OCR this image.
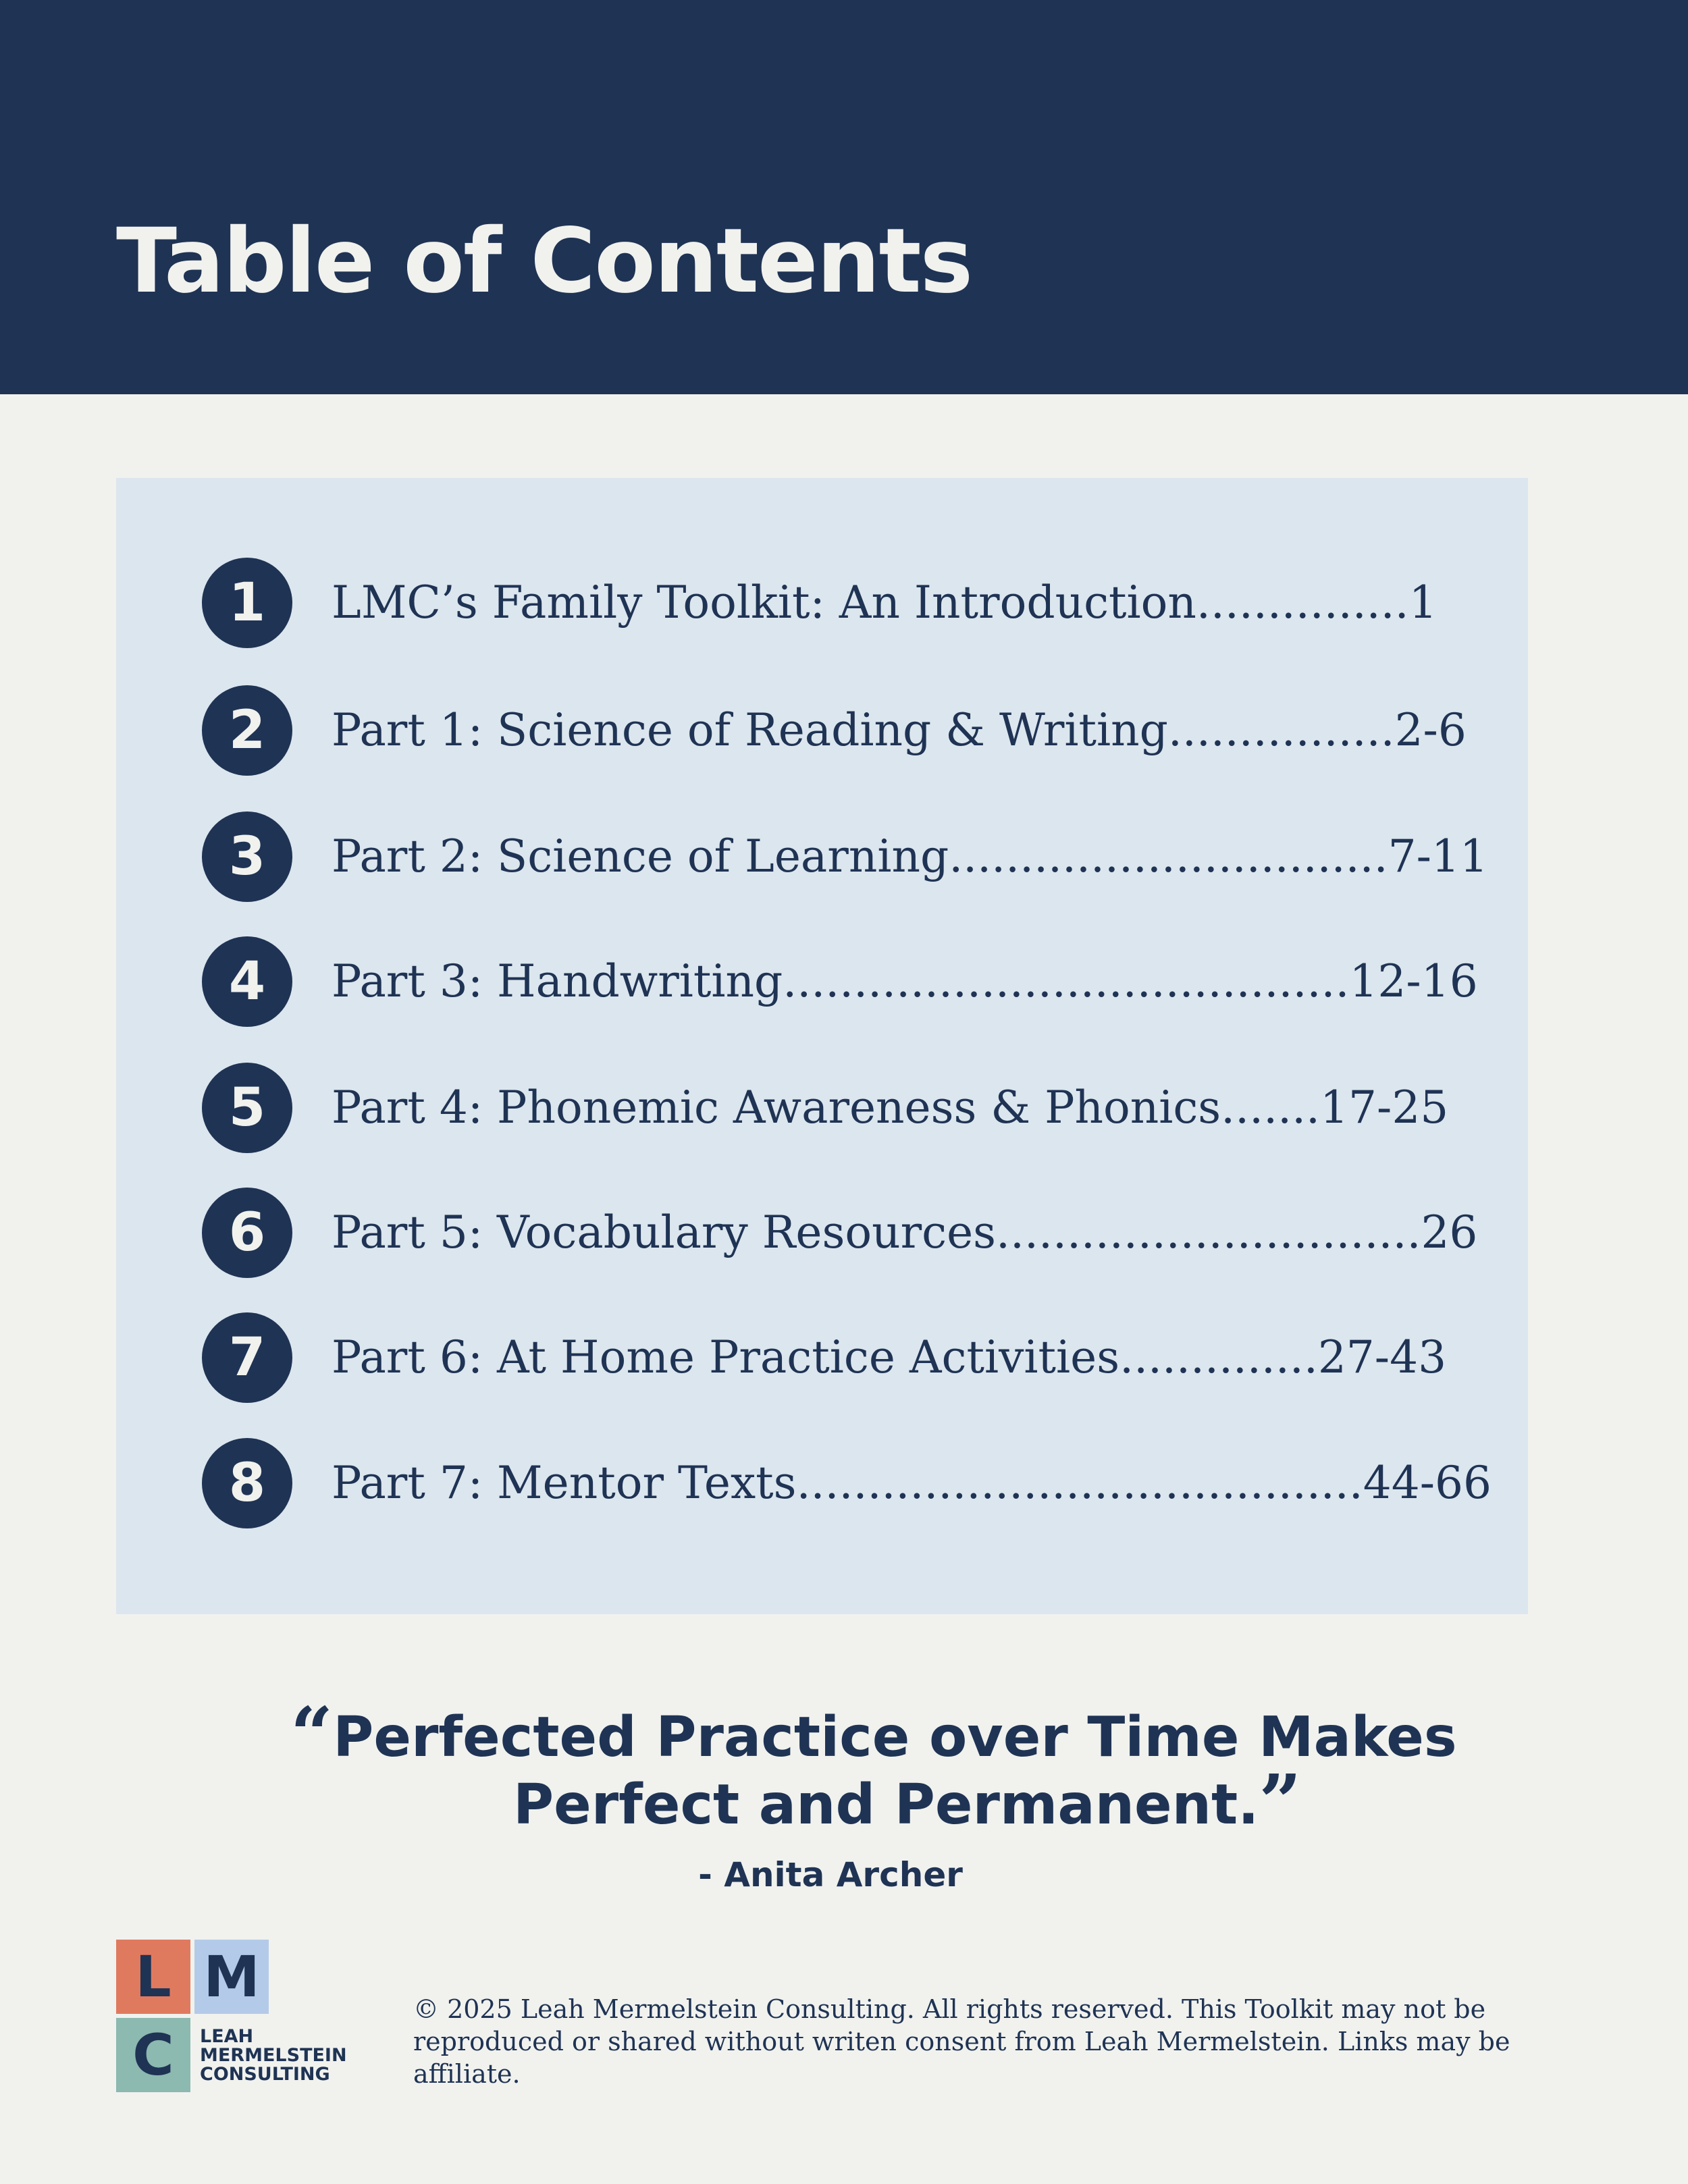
Table of Contents
1	LMC’s Family Toolkit: An Introduction...............1
2	Part 1: Science of Reading & Writing................2-6
3	Part 2: Science of Learning...............................7-11
4	Part 3: Handwriting........................................12-16
5	Part 4: Phonemic Awareness & Phonics.......17-25
6	Part 5: Vocabulary Resources..............................26
7	Part 6: At Home Practice Activities..............27-43
8	Part 7: Mentor Texts........................................44-66
“Perfected Practice over Time Makes
Perfect and Permanent.”
- Anita Archer
L M
C	LEAH
MERMELSTEIN
CONSULTING

© 2025 Leah Mermelstein Consulting. All rights reserved. This Toolkit may not be reproduced or shared without writen consent from Leah Mermelstein. Links may be affiliate.
